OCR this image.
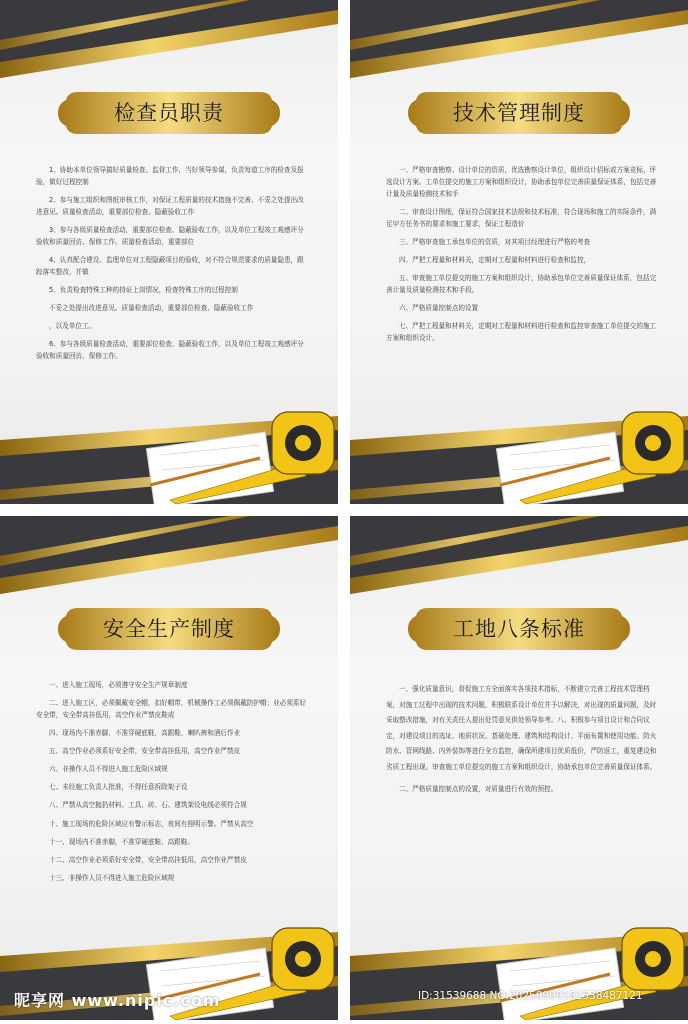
检查员职责

1、协助本单位领导搞好质量检查、监督工作，当好领导参谋，负责每道工序的检查及报验，做好过程控制

2、参与施工组织和图纸审核工作，对保证工程质量的技术措施不完善、不妥之处提出改进意见。质量检查活动，重要部位检查、隐蔽验收工作

3、参与各级质量检查活动，重要部位检查、隐蔽验收工作，以及单位工程竣工观感评分验收和质量回访、保修工作。质量检查活动，重要部位

4、认真配合建设、监理单位对工程隐蔽项目的验收，对不符合规范要求的质量隐患，跟踪落实整改，并做

5、负责检查特殊工种的持证上岗情况，检查特殊工序的过程控制

不妥之处提出改进意见。质量检查活动，重要部位检查、隐蔽验收工作

，以及单位工。

6、参与各级质量检查活动，重要部位检查、隐蔽验收工作，以及单位工程竣工观感评分验收和质量回访、保修工作。

技术管理制度

一、严格审查勘察、设计单位的资质，优选勘察设计单位，组织设计招标或方案竞标，评选设计方案。工单位提交的施工方案和组织设计，协助承包单位完善质量保证体系，包括完善计量及质量检测技术和手

二、审查设计图纸，保证符合国家技术法规和技术标准，符合现场和施工的实际条件，满足甲方任务书的要求和施工要求，保证工程造价

三、严格审查施工承包单位的资质，对其项目经理进行严格的考查

四、严把工程量和材料关，定期对工程量和材料进行检查和监控，

五、审查施工单位提交的施工方案和组织设计，协助承包单位完善质量保证体系，包括完善计量及质量检测技术和手段。

六、严格质量控制点的设置

七、严把工程量和材料关，定期对工程量和材料进行检查和监控审查施工单位提交的施工方案和组织设计。

安全生产制度

一、进入施工现场，必须遵守安全生产规章制度

二、进入施工区，必须佩戴安全帽，扣好帽带，机械操作工必须佩戴防护帽；业必须系好安全带，安全带高挂低用，高空作业严禁皮鞋或

四、现场内不准赤脚，不准穿硬底鞋，高跟鞋，喇叭裤和酒后作业

五、高空作业必须系好安全带，安全带高挂低用，高空作业严禁皮

六、非操作人员不得进入施工危险区域规

七、未经施工负责人批准，不得任意拆除架子设

八、严禁从高空抛扔材料、工具、砖、石、建筑架设电线必须符合规

十、施工现场的危险区域应有警示标志，夜间有照明示警。严禁从高空

十一、现场内不准赤脚，不准穿硬底鞋、高跟鞋。

十二、高空作业必须系好安全带，安全带高挂低用，高空作业严禁皮

十三、非操作人员不得进入施工危险区域规

工地八条标准

一、强化质量意识，督促施工方全面落实各项技术指标，不断建立完善工程技术管理档案，对施工过程中出现的技术问题，积极联系设计单位并予以解决，对出现的质量问题，及时采取整改措施，对有关责任人提出处罚意见供处领导参考。八、积极参与项目设计和合同议定，对建设项目的选址、地质状况、基础处理、建筑和结构设计、平面布置和使用功能、防火防水、管网线路、内外装饰等进行全方监控，确保所建项目优质低价，严防返工，重复建设和劣质工程出现。审查施工单位提交的施工方案和组织设计，协助承包单位完善质量保证体系。

二、严格质量控制点的设置，对质量进行有效的预控。

昵享网 www.nipic.com	ID:31539688 NO:20250909181538487121
